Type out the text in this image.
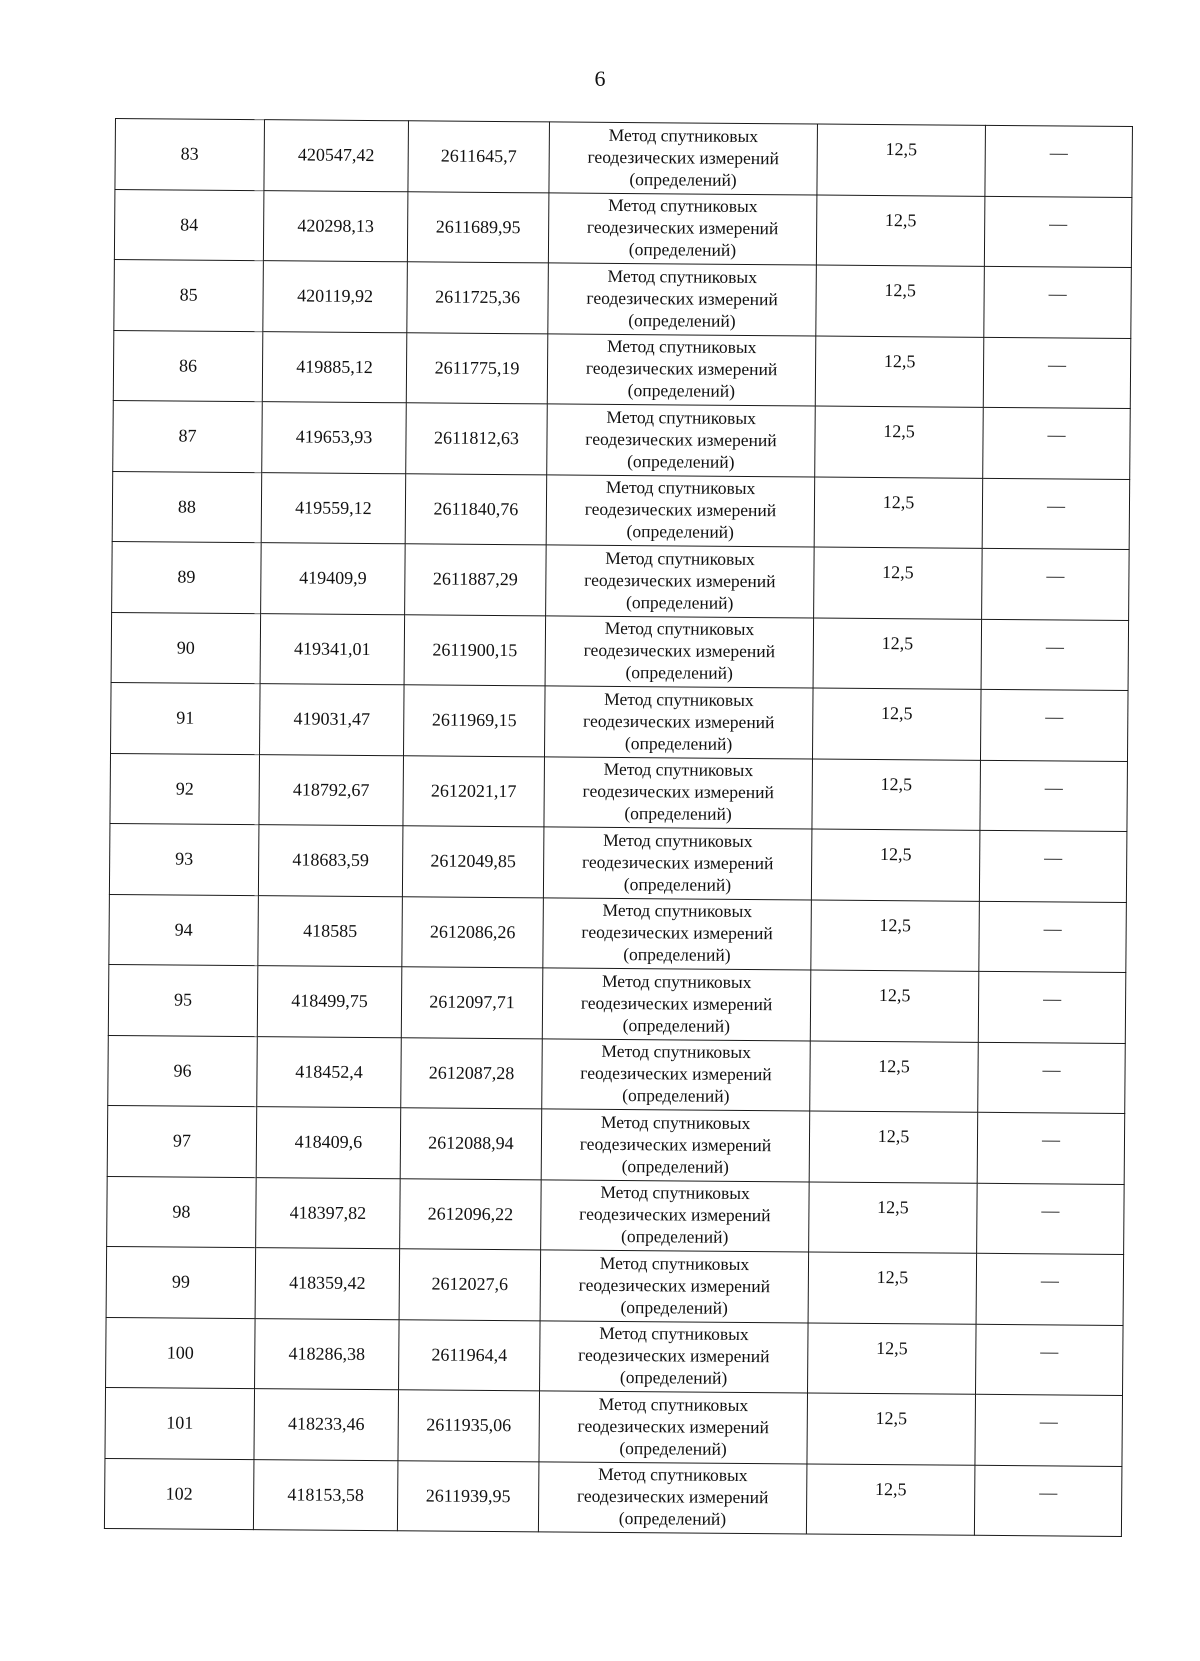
6
83	420547,42	2611645,7	Метод спутниковых
геодезических измерений
(определений)	12,5	—
84	420298,13	2611689,95	Метод спутниковых
геодезических измерений
(определений)	12,5	—
85	420119,92	2611725,36	Метод спутниковых
геодезических измерений
(определений)	12,5	—
86	419885,12	2611775,19	Метод спутниковых
геодезических измерений
(определений)	12,5	—
87	419653,93	2611812,63	Метод спутниковых
геодезических измерений
(определений)	12,5	—
88	419559,12	2611840,76	Метод спутниковых
геодезических измерений
(определений)	12,5	—
89	419409,9	2611887,29	Метод спутниковых
геодезических измерений
(определений)	12,5	—
90	419341,01	2611900,15	Метод спутниковых
геодезических измерений
(определений)	12,5	—
91	419031,47	2611969,15	Метод спутниковых
геодезических измерений
(определений)	12,5	—
92	418792,67	2612021,17	Метод спутниковых
геодезических измерений
(определений)	12,5	—
93	418683,59	2612049,85	Метод спутниковых
геодезических измерений
(определений)	12,5	—
94	418585	2612086,26	Метод спутниковых
геодезических измерений
(определений)	12,5	—
95	418499,75	2612097,71	Метод спутниковых
геодезических измерений
(определений)	12,5	—
96	418452,4	2612087,28	Метод спутниковых
геодезических измерений
(определений)	12,5	—
97	418409,6	2612088,94	Метод спутниковых
геодезических измерений
(определений)	12,5	—
98	418397,82	2612096,22	Метод спутниковых
геодезических измерений
(определений)	12,5	—
99	418359,42	2612027,6	Метод спутниковых
геодезических измерений
(определений)	12,5	—
100	418286,38	2611964,4	Метод спутниковых
геодезических измерений
(определений)	12,5	—
101	418233,46	2611935,06	Метод спутниковых
геодезических измерений
(определений)	12,5	—
102	418153,58	2611939,95	Метод спутниковых
геодезических измерений
(определений)	12,5	—
